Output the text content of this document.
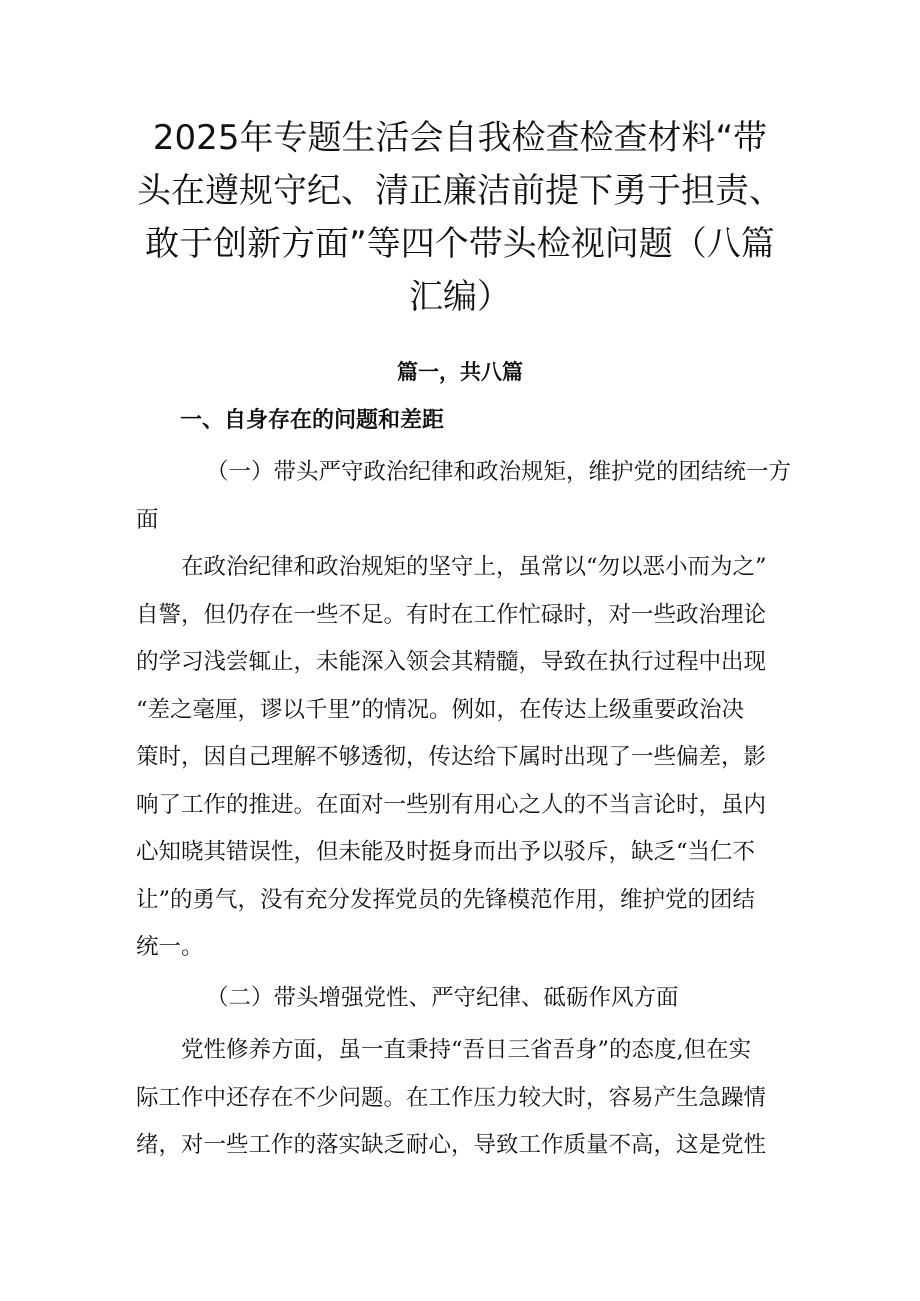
2025年专题生活会自我检查检查材料“带
头在遵规守纪、清正廉洁前提下勇于担责、
敢于创新方面”等四个带头检视问题（八篇
汇编）
篇一，共八篇
一、自身存在的问题和差距
（一）带头严守政治纪律和政治规矩，维护党的团结统一方
面
在政治纪律和政治规矩的坚守上，虽常以“勿以恶小而为之”
自警，但仍存在一些不足。有时在工作忙碌时，对一些政治理论
的学习浅尝辄止，未能深入领会其精髓，导致在执行过程中出现
“差之毫厘，谬以千里”的情况。例如，在传达上级重要政治决
策时，因自己理解不够透彻，传达给下属时出现了一些偏差，影
响了工作的推进。在面对一些别有用心之人的不当言论时，虽内
心知晓其错误性，但未能及时挺身而出予以驳斥，缺乏“当仁不
让”的勇气，没有充分发挥党员的先锋模范作用，维护党的团结
统一。
（二）带头增强党性、严守纪律、砥砺作风方面
党性修养方面，虽一直秉持“吾日三省吾身”的态度,但在实
际工作中还存在不少问题。在工作压力较大时，容易产生急躁情
绪，对一些工作的落实缺乏耐心，导致工作质量不高，这是党性
